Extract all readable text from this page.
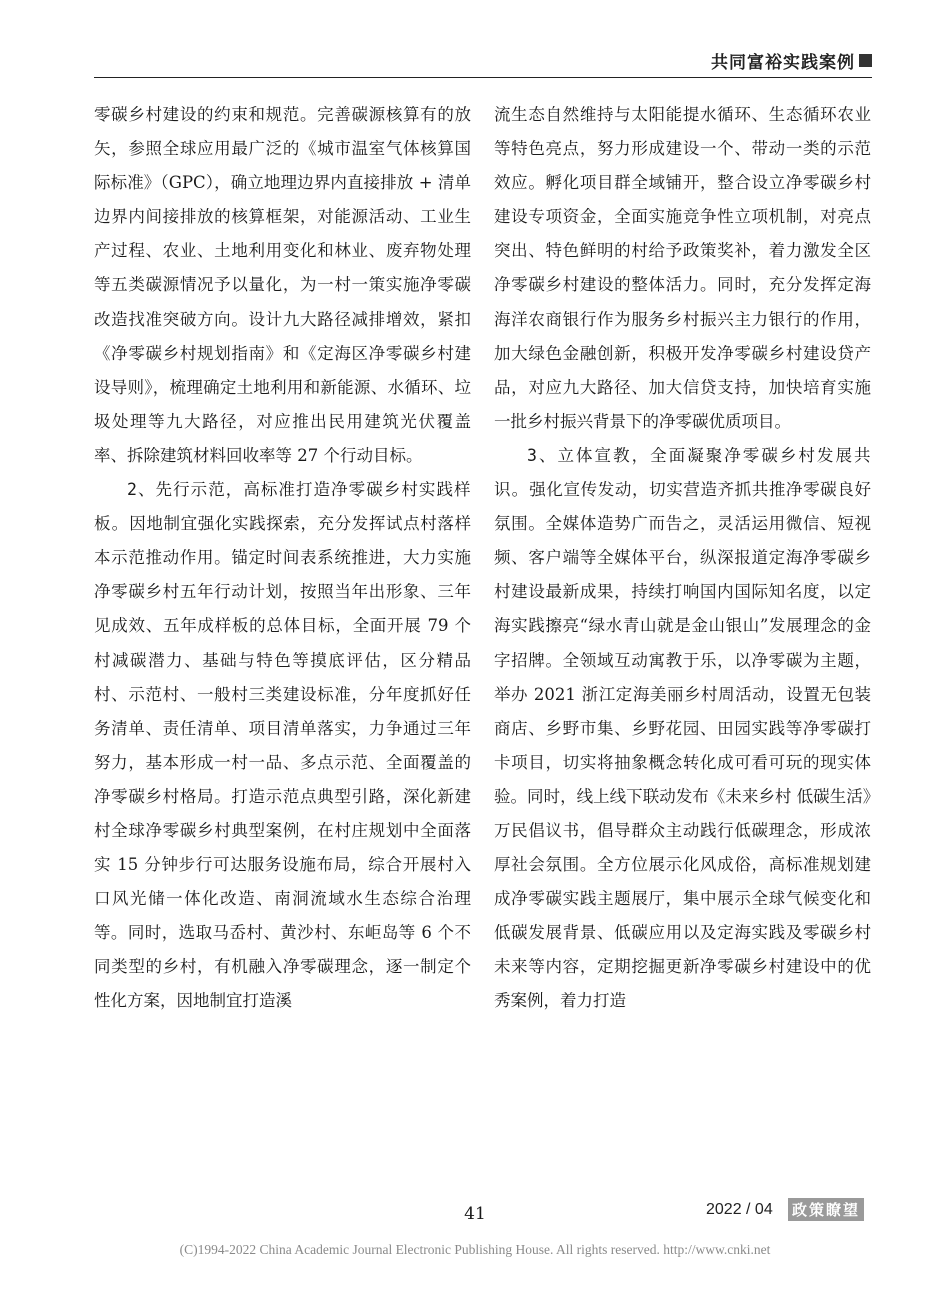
共同富裕实践案例

零碳乡村建设的约束和规范。完善碳源核算有的放矢，参照全球应用最广泛的《城市温室气体核算国际标准》（GPC），确立地理边界内直接排放 + 清单边界内间接排放的核算框架，对能源活动、工业生产过程、农业、土地利用变化和林业、废弃物处理等五类碳源情况予以量化，为一村一策实施净零碳改造找准突破方向。设计九大路径减排增效，紧扣《净零碳乡村规划指南》和《定海区净零碳乡村建设导则》，梳理确定土地利用和新能源、水循环、垃圾处理等九大路径，对应推出民用建筑光伏覆盖率、拆除建筑材料回收率等 27 个行动目标。

2、先行示范，高标准打造净零碳乡村实践样板。因地制宜强化实践探索，充分发挥试点村落样本示范推动作用。锚定时间表系统推进，大力实施净零碳乡村五年行动计划，按照当年出形象、三年见成效、五年成样板的总体目标，全面开展 79 个村减碳潜力、基础与特色等摸底评估，区分精品村、示范村、一般村三类建设标准，分年度抓好任务清单、责任清单、项目清单落实，力争通过三年努力，基本形成一村一品、多点示范、全面覆盖的净零碳乡村格局。打造示范点典型引路，深化新建村全球净零碳乡村典型案例，在村庄规划中全面落实 15 分钟步行可达服务设施布局，综合开展村入口风光储一体化改造、南洞流域水生态综合治理等。同时，选取马岙村、黄沙村、东岠岛等 6 个不同类型的乡村，有机融入净零碳理念，逐一制定个性化方案，因地制宜打造溪

流生态自然维持与太阳能提水循环、生态循环农业等特色亮点，努力形成建设一个、带动一类的示范效应。孵化项目群全域铺开，整合设立净零碳乡村建设专项资金，全面实施竞争性立项机制，对亮点突出、特色鲜明的村给予政策奖补，着力激发全区净零碳乡村建设的整体活力。同时，充分发挥定海海洋农商银行作为服务乡村振兴主力银行的作用，加大绿色金融创新，积极开发净零碳乡村建设贷产品，对应九大路径、加大信贷支持，加快培育实施一批乡村振兴背景下的净零碳优质项目。

3、立体宣教，全面凝聚净零碳乡村发展共识。强化宣传发动，切实营造齐抓共推净零碳良好氛围。全媒体造势广而告之，灵活运用微信、短视频、客户端等全媒体平台，纵深报道定海净零碳乡村建设最新成果，持续打响国内国际知名度，以定海实践擦亮“绿水青山就是金山银山”发展理念的金字招牌。全领域互动寓教于乐，以净零碳为主题，举办 2021 浙江定海美丽乡村周活动，设置无包装商店、乡野市集、乡野花园、田园实践等净零碳打卡项目，切实将抽象概念转化成可看可玩的现实体验。同时，线上线下联动发布《未来乡村 低碳生活》万民倡议书，倡导群众主动践行低碳理念，形成浓厚社会氛围。全方位展示化风成俗，高标准规划建成净零碳实践主题展厅，集中展示全球气候变化和低碳发展背景、低碳应用以及定海实践及零碳乡村未来等内容，定期挖掘更新净零碳乡村建设中的优秀案例，着力打造

41	2022 / 04 政策瞭望
(C)1994-2022 China Academic Journal Electronic Publishing House. All rights reserved. http://www.cnki.net
